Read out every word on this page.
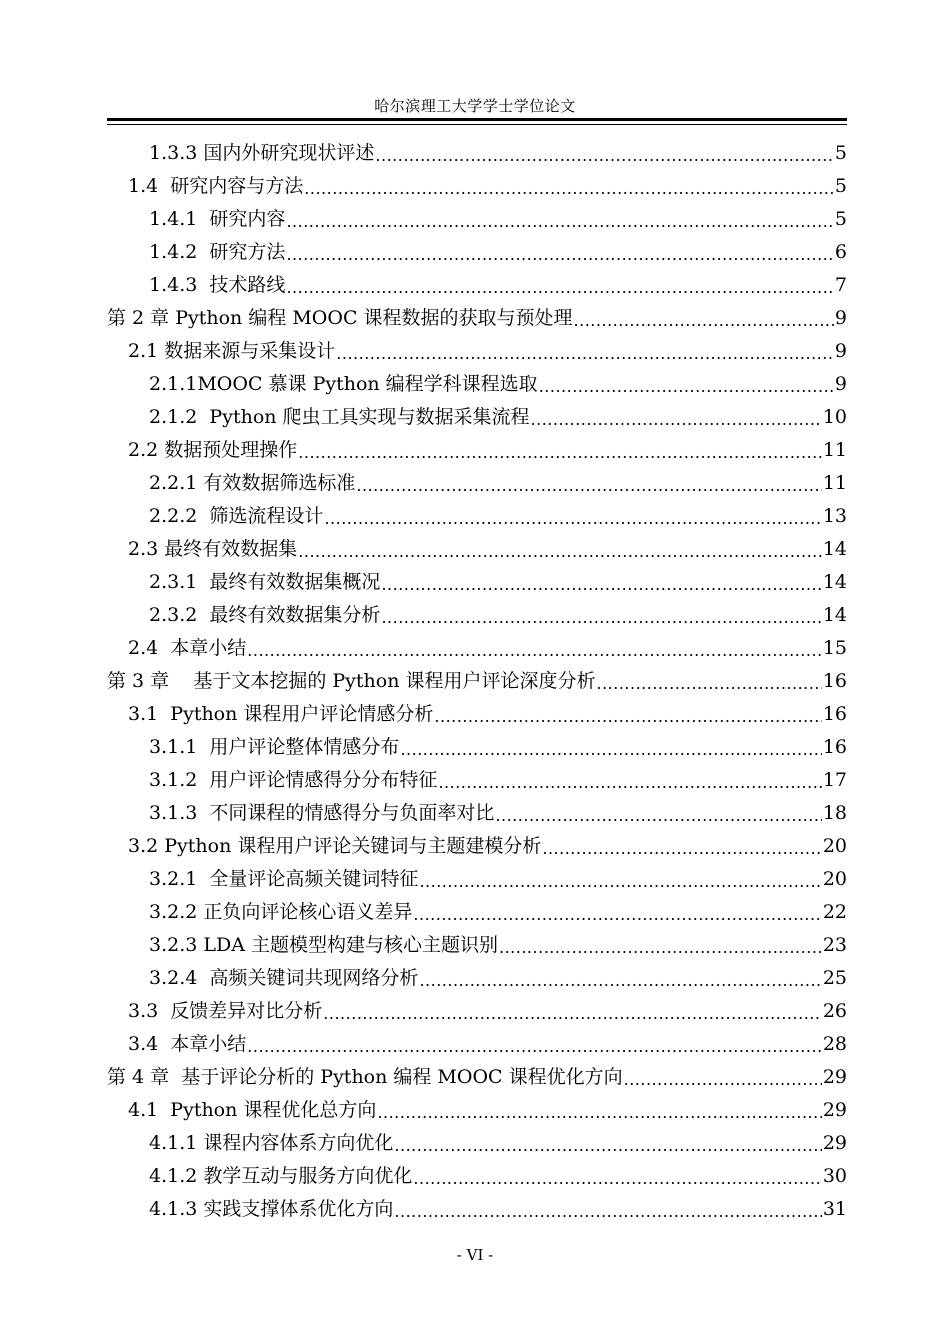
哈尔滨理工大学学士学位论文
1.3.3 国内外研究现状评述 .....	5
1.4  研究内容与方法 .....	5
1.4.1  研究内容 .....	5
1.4.2  研究方法 .....	6
1.4.3  技术路线 .....	7
第 2 章 Python 编程 MOOC 课程数据的获取与预处理 .....	9
2.1 数据来源与采集设计 .....	9
2.1.1MOOC 慕课 Python 编程学科课程选取 .....	9
2.1.2  Python 爬虫工具实现与数据采集流程 .....	10
2.2 数据预处理操作 .....	11
2.2.1 有效数据筛选标准 .....	11
2.2.2  筛选流程设计 .....	13
2.3 最终有效数据集 .....	14
2.3.1  最终有效数据集概况 .....	14
2.3.2  最终有效数据集分析 .....	14
2.4  本章小结 .....	15
第 3 章    基于文本挖掘的 Python 课程用户评论深度分析 .....	16
3.1  Python 课程用户评论情感分析 .....	16
3.1.1  用户评论整体情感分布 .....	16
3.1.2  用户评论情感得分分布特征 .....	17
3.1.3  不同课程的情感得分与负面率对比 .....	18
3.2 Python 课程用户评论关键词与主题建模分析 .....	20
3.2.1  全量评论高频关键词特征 .....	20
3.2.2 正负向评论核心语义差异 .....	22
3.2.3 LDA 主题模型构建与核心主题识别 .....	23
3.2.4  高频关键词共现网络分析 .....	25
3.3  反馈差异对比分析 .....	26
3.4  本章小结 .....	28
第 4 章  基于评论分析的 Python 编程 MOOC 课程优化方向 .....	29
4.1  Python 课程优化总方向 .....	29
4.1.1 课程内容体系方向优化 .....	29
4.1.2 教学互动与服务方向优化 .....	30
4.1.3 实践支撑体系优化方向 .....	31
- VI -
